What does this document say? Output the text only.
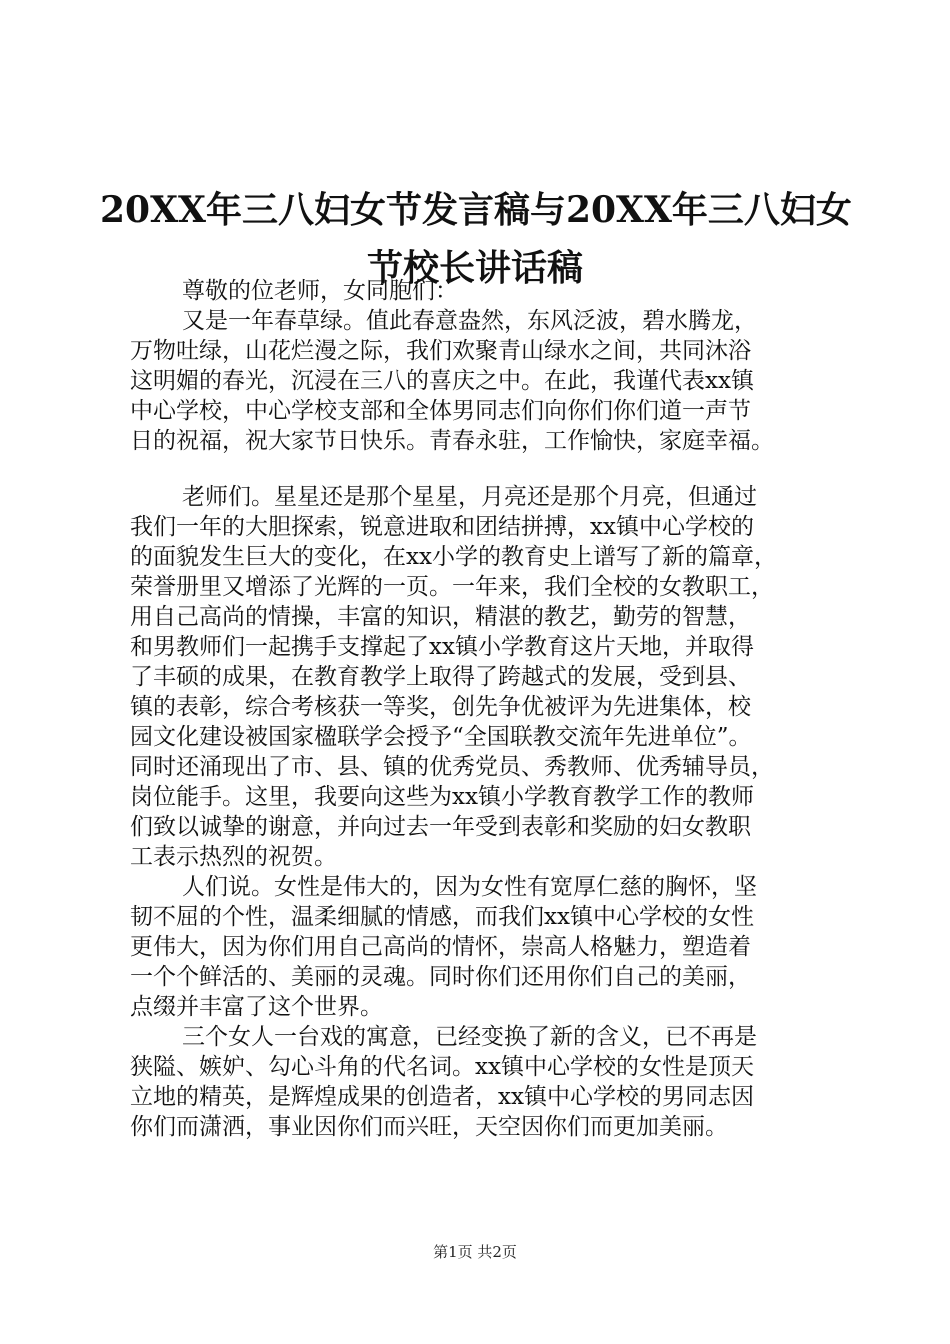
20XX年三八妇女节发言稿与20XX年三八妇女
节校长讲话稿
尊敬的位老师，女同胞们：
又是一年春草绿。值此春意盎然，东风泛波，碧水腾龙，
万物吐绿，山花烂漫之际，我们欢聚青山绿水之间，共同沐浴
这明媚的春光，沉浸在三八的喜庆之中。在此，我谨代表xx镇
中心学校，中心学校支部和全体男同志们向你们你们道一声节
日的祝福，祝大家节日快乐。青春永驻，工作愉快，家庭幸福。
老师们。星星还是那个星星，月亮还是那个月亮，但通过
我们一年的大胆探索，锐意进取和团结拼搏，xx镇中心学校的
的面貌发生巨大的变化，在xx小学的教育史上谱写了新的篇章，
荣誉册里又增添了光辉的一页。一年来，我们全校的女教职工，
用自己高尚的情操，丰富的知识，精湛的教艺，勤劳的智慧，
和男教师们一起携手支撑起了xx镇小学教育这片天地，并取得
了丰硕的成果，在教育教学上取得了跨越式的发展，受到县、
镇的表彰，综合考核获一等奖，创先争优被评为先进集体，校
园文化建设被国家楹联学会授予“全国联教交流年先进单位”。
同时还涌现出了市、县、镇的优秀党员、秀教师、优秀辅导员，
岗位能手。这里，我要向这些为xx镇小学教育教学工作的教师
们致以诚挚的谢意，并向过去一年受到表彰和奖励的妇女教职
工表示热烈的祝贺。
人们说。女性是伟大的，因为女性有宽厚仁慈的胸怀，坚
韧不屈的个性，温柔细腻的情感，而我们xx镇中心学校的女性
更伟大，因为你们用自己高尚的情怀，崇高人格魅力，塑造着
一个个鲜活的、美丽的灵魂。同时你们还用你们自己的美丽，
点缀并丰富了这个世界。
三个女人一台戏的寓意，已经变换了新的含义，已不再是
狭隘、嫉妒、勾心斗角的代名词。xx镇中心学校的女性是顶天
立地的精英，是辉煌成果的创造者，xx镇中心学校的男同志因
你们而潇洒，事业因你们而兴旺，天空因你们而更加美丽。
第1页 共2页
